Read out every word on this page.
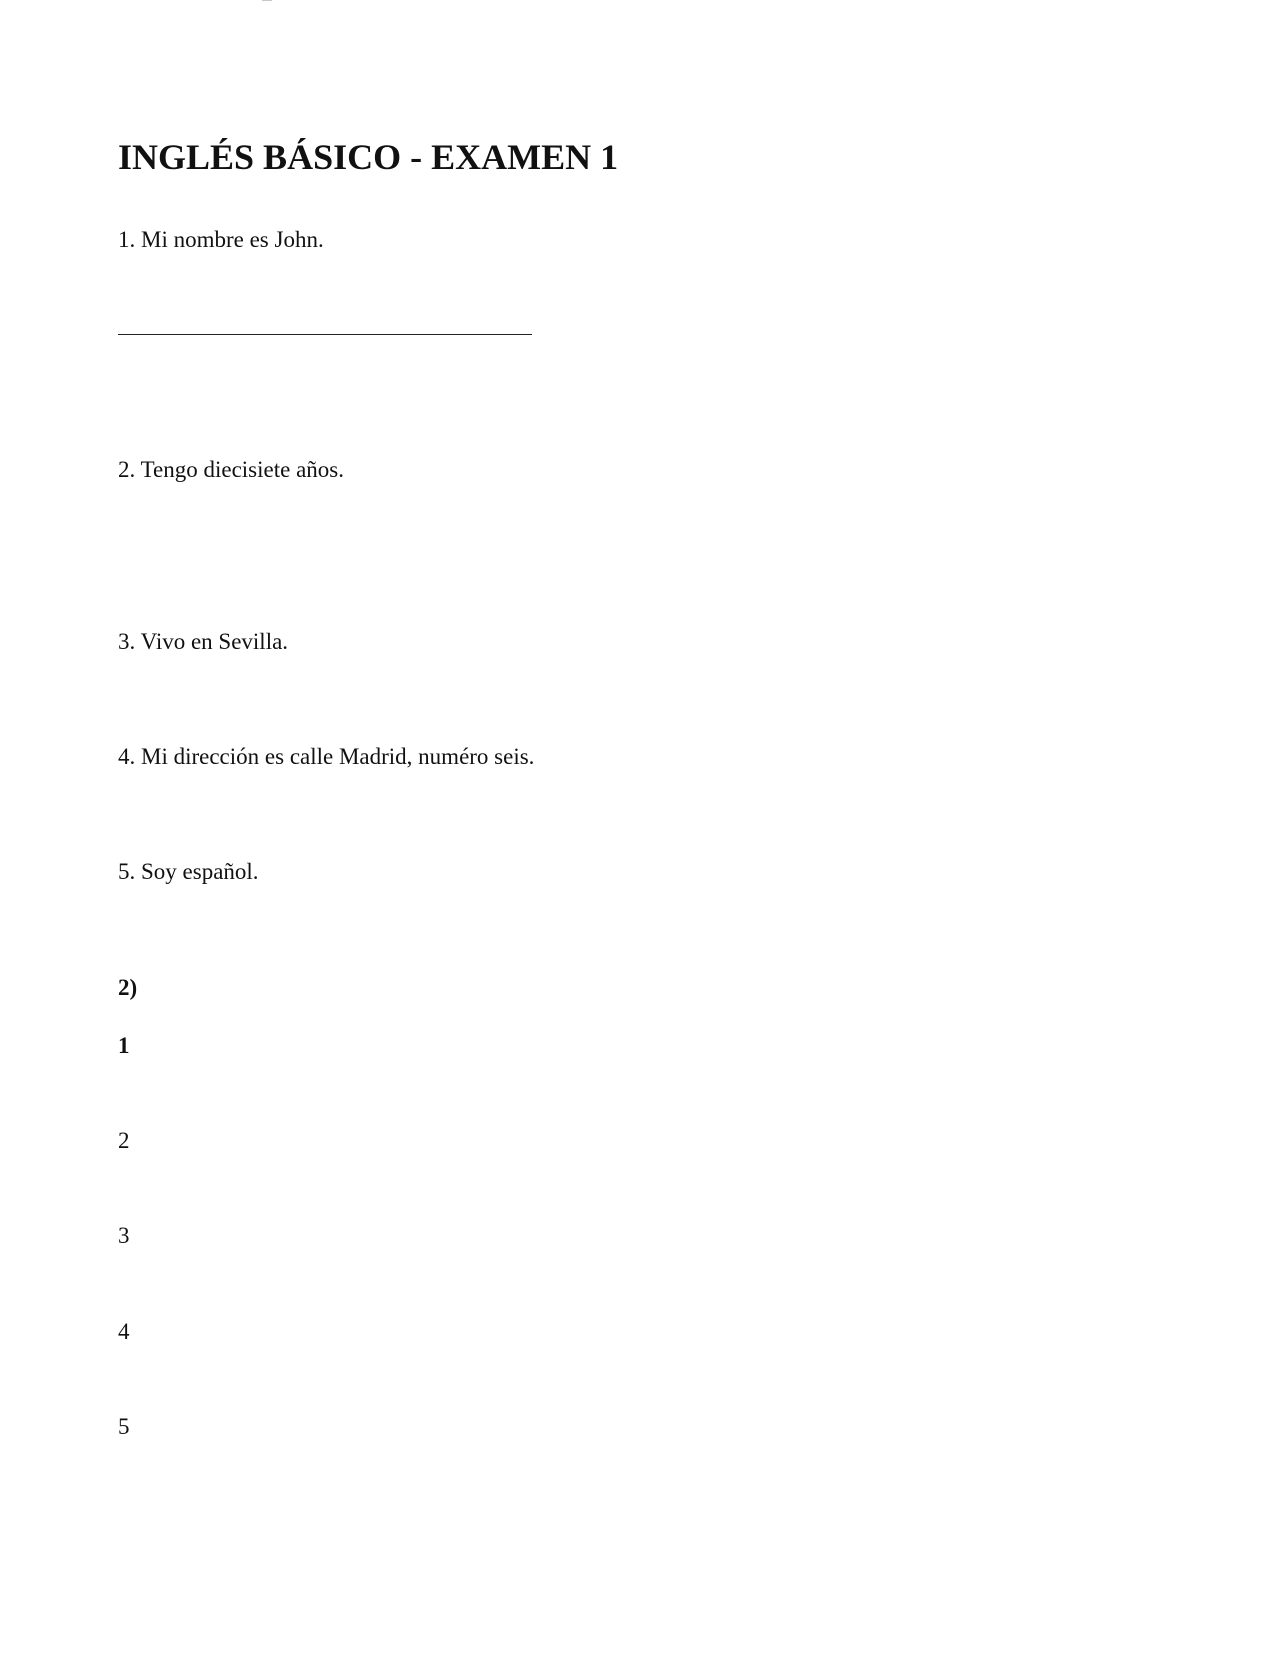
INGLÉS BÁSICO - EXAMEN 1

1. Mi nombre es John.

2. Tengo diecisiete años.

3. Vivo en Sevilla.

4. Mi dirección es calle Madrid, numéro seis.

5. Soy español.

2)

1

2

3

4

5
